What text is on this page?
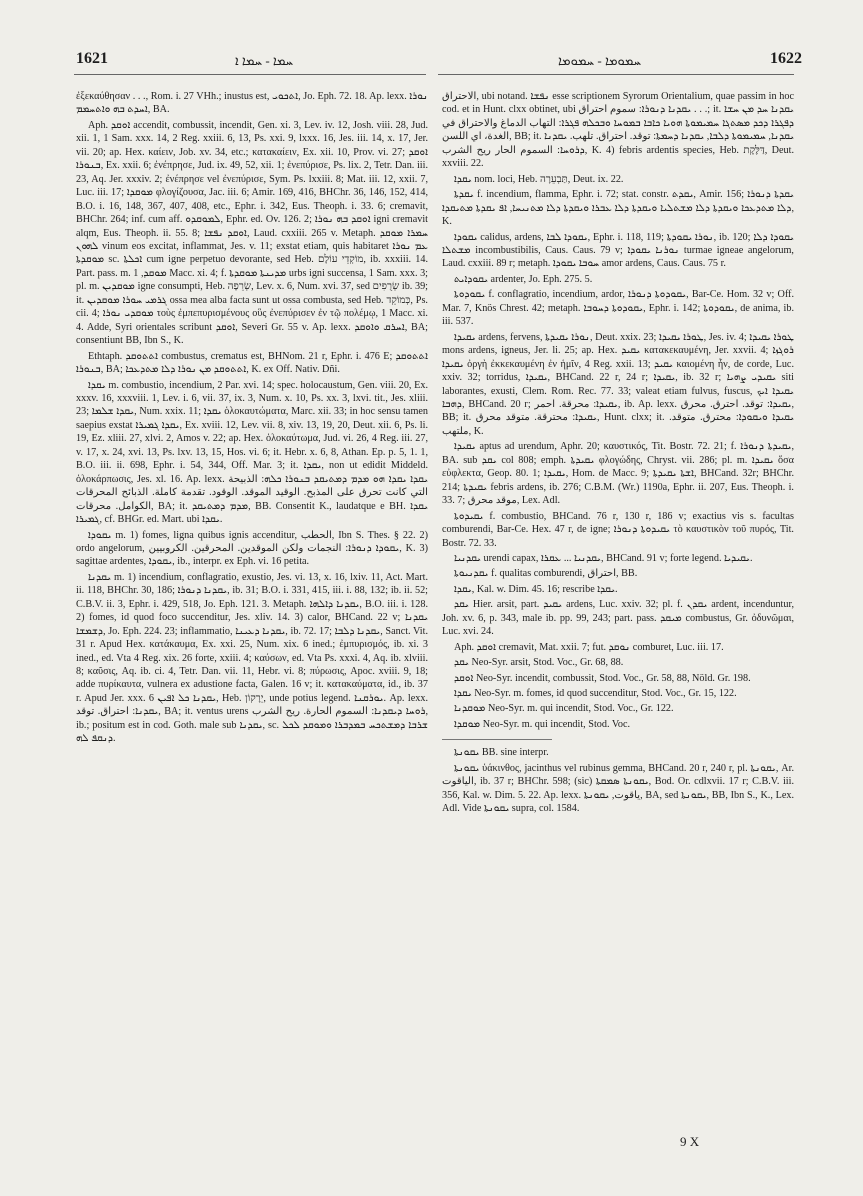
1621	ܚܡܐ - ܚܡܐ ܐ	ܚܡܘܡܐ - ܚܡܘܡܐ	1622

ἐξεκαύθησαν . . ., Rom. i. 27 VHh.; inustus est, ܐܬܟܘܝ, Jo. Eph. 72. 18. Ap. lexx. ܢܘܪܐ ܐܚܕܬ ܒܗ ܘܐܬܚܡܡ, BA.

Aph. ܐܘܩܕ accendit, combussit, incendit, Gen. xi. 3, Lev. iv. 12, Josh. viii. 28, Jud. xii. 1, 1 Sam. xxx. 14, 2 Reg. xxiii. 6, 13, Ps. xxi. 9, lxxx. 16, Jes. iii. 14, x. 17, Jer. vii. 20; ap. Hex. καίειν, Job. xv. 34, etc.; κατακαίειν, Ex. xii. 10, Prov. vi. 27; ܐܘܩܕ ܒܢܘܪܐ, Ex. xxii. 6; ἐνέπρησε, Jud. ix. 49, 52, xii. 1; ἐνεπύρισε, Ps. lix. 2, Tetr. Dan. iii. 23, Aq. Jer. xxxiv. 2; ἐνέπρησε vel ἐνεπύρισε, Sym. Ps. lxxiii. 8; Mat. iii. 12, xxii. 7, Luc. iii. 17; ܡܘܩܕܐ φλογίζουσα, Jac. iii. 6; Amir. 169, 416, BHChr. 36, 146, 152, 414, B.O. i. 16, 148, 367, 407, 408, etc., Ephr. i. 342, Eus. Theoph. i. 33. 6; cremavit, BHChr. 264; inf. cum aff. ܠܡܘܩܕܘ, Ephr. ed. Ov. 126. 2; ܐܘܩܕ ܒܗ ܢܘܪܐ igni cremavit alqm, Eus. Theoph. ii. 55. 8; ܐܘܩܕ ܢܦܫܐ, Laud. cxxiii. 265 v. Metaph. ܚܡܪܐ ܡܘܩܕ ܠܗܘܢ vinum eos excitat, inflammat, Jes. v. 11; exstat etiam, quis habitaret ܥܡ ܢܘܪܐ ܡܘܩܕܬܐ sc. ܐܟܠܬܐ cum igne perpetuo devorante, sed Heb. מוֹקְדֵי עוֹלָם, ib. xxxiii. 14. Part. pass. m. ܡܘܩܕ, 1 Macc. xi. 4; f. ܡܕܝܢܬܐ ܡܘܩܕܬܐ urbs igni succensa, 1 Sam. xxx. 3; pl. m. ܡܘܩܕܝܢ igne consumpti, Heb. שְׂרֵפָה, Lev. x. 6, Num. xvi. 37, sed שְׂרֻפִים ib. 39; it. ܓܪܡܝ ܚܘܪܐ ܡܘܩܕܝܢ ossa mea alba facta sunt ut ossa combusta, sed Heb. כְּמוֹקֵד, Ps. cii. 4; ܡܘܩܕܝ ܢܘܪܐ τοὺς ἐμπεπυρισμένους οὓς ἐνεπύρισεν ἐν τῷ πολέμῳ, 1 Macc. xi. 4. Adde, Syri orientales scribunt ܐܘܩܕ, Severi Gr. 55 v. Ap. lexx. ܐܚܪܩ ܘܐܘܩܕ, BA; consentiunt BB, Ibn S., K.

Ethtaph. ܐܬܬܘܩܕ combustus, crematus est, BHNom. 21 r, Ephr. i. 476 E; ܐܬܬܘܩܕ ܒܢܘܪܐ, BA; ܐܬܬܘܩܕ ܡܢ ܢܘܪܐ ܕܠܐ ܡܬܕܥܟܐ, K. ex Off. Nativ. Dñi.

ܝܩܕܐ m. combustio, incendium, 2 Par. xvi. 14; spec. holocaustum, Gen. viii. 20, Ex. xxxv. 16, xxxviii. 1, Lev. i. 6, vii. 37, ix. 3, Num. x. 10, Ps. xx. 3, lxvi. tit., Jes. xliii. 23; ܝܩܕܐ ܫܠܡܐ, Num. xxix. 11; ܝܩܕܐ ὁλοκαυτώματα, Marc. xii. 33; in hoc sensu tamen saepius exstat ܝܩܕܐ ܓܡܝܪܐ, Ex. xviii. 12, Lev. vii. 8, xiv. 13, 19, 20, Deut. xii. 6, Ps. li. 19, Ez. xliii. 27, xlvi. 2, Amos v. 22; ap. Hex. ὁλοκαύτωμα, Jud. vi. 26, 4 Reg. iii. 27, v. 17, x. 24, xvi. 13, Ps. lxv. 13, 15, Hos. vi. 6; it. Hebr. x. 6, 8, Athan. Ep. p. 5, 1. 1, B.O. iii. ii. 698, Ephr. i. 54, 344, Off. Mar. 3; it. ܝܩܕܐ, non ut edidit Middeld. ὁλοκάρπωσις, Jes. xl. 16. Ap. lexx. ܝܩܕܐ ܝܩܕܐ ܗܘ ܡܕܡ ܕܡܬܝܩܕ ܒܢܘܪܐ ܟܠܗ: الذبيحة التي كانت تحرق على المذبح. الوقيد الموقد. الوقود. تقدمة كاملة. الذبائح المحرقات الكوامل. محرقات, BA; it. ܡܕܡ ܕܡܬܝܩܕ, BB. Consentit K., laudatque e BH. ܝܩܕܐ ܓܡܝܪܐ, cf. BHGr. ed. Mart. ubi ܝܩܕܐ.

ܝܩܘܕܐ m. 1) fomes, ligna quibus ignis accenditur, الحطب, Ibn S. Thes. § 22. 2) ordo angelorum, ܝܩܘܕܐ ܕܢܘܪܐ: النجمات ولكن الموقدين. المحرقين. الكروبيين, K. 3) sagittae ardentes, ܝܩܘܕܐ, ib., interpr. ex Eph. vi. 16 petita.

ܝܩܕܢܐ m. 1) incendium, conflagratio, exustio, Jes. vi. 13, x. 16, lxiv. 11, Act. Mart. ii. 118, BHChr. 30, 186; ܝܩܕܢܐ ܕܢܘܪܐ, ib. 31; B.O. i. 331, 415, iii. i. 88, 132; ib. ii. 52; C.B.V. ii. 3, Ephr. i. 429, 518, Jo. Eph. 121. 3. Metaph. ܝܩܕܢܐ ܕܐܠܗܐ, B.O. iii. i. 128. 2) fomes, id quod foco succenditur, Jes. xliv. 14. 3) calor, BHCand. 22 v; ܝܩܕܢܐ ܕܫܡܫܐ, Jo. Eph. 224. 23; inflammatio, ܝܩܕܢܐ ܕܥܝܢܐ, ib. 72. 17; ܝܩܕܢܐ ܕܠܒܐ, Sanct. Vit. 31 r. Apud Hex. κατάκαυμα, Ex. xxi. 25, Num. xix. 6 ined.; ἐμπυρισμός, ib. xi. 3 ined., ed. Vta 4 Reg. xix. 26 forte, xxiii. 4; καύσων, ed. Vta Ps. xxxi. 4, Aq. ib. xlviii. 8; καῦσις, Aq. ib. ci. 4, Tetr. Dan. vii. 11, Hebr. vi. 8; πύρωσις, Apoc. xviii. 9, 18; adde πυρίκαυτα, vulnera ex adustione facta, Galen. 16 v; it. κατακαύματα, id., ib. 37 r. Apud Jer. xxx. 6 ܝܩܕܢܐ ܟܠ ܐܦܝܢ, Heb. יֵרָקוֹן, unde potius legend. ܝܘܪܩܢܐ. Ap. lexx. ܝܩܕܢܐ: احتراق. توقد, BA; it. ventus urens ܪܘܚܐ ܕܝܩܕܢܐ: السموم الحارة. ريح الشرب, ib.; positum est in cod. Goth. male sub ܝܩܕܢܐ, sc. ܫܪܒܐ ܕܡܫܬܟܚ ܒܡܕܒܪܐ ܘܡܘܩܕ ܠܟܠ ܕܢܩܦ ܠܗ.

الاحتراق, ubi notand. ܢܦܫܐ esse scriptionem Syrorum Orientalium, quae passim in hoc cod. et in Hunt. clxx obtinet, ubi ܝܩܕܢܐ ܕܢܘܪܐ: سموم احتراق . . .; it. ܝܩܕܢܐ ܚܕ ܡܢ ܚܫܐ ܕܦܓܪܐ ܕܟܕ ܡܣܬܓܐ ܚܡܝܡܘܬܐ ܗܘܝܐ ܟܐܒܐ ܒܡܘܚܐ ܘܒܟܠܗ ܦܓܪܐ: التهاب الدماغ والاحتراق في الغدة، اي اللسن, BB; it. ܝܩܕܢܐ, ܚܡܝܡܘܬܐ ܕܠܒܐ, ܝܩܕܢܐ ܕܚܡܬܐ: توقد. احتراق. تلهب. ܝܩܕܢܐ ܕܪܘܚܐ: السموم الحار ريح الشرب, K. 4) febris ardentis species, Heb. דַּלֶּקֶת, Deut. xxviii. 22.

ܝܩܕܐ nom. loci, Heb. תַּבְעֵרָה, Deut. ix. 22.

ܝܩܕܬܐ f. incendium, flamma, Ephr. i. 72; stat. constr. ܝܩܕܬ, Amir. 156; ܝܩܕܬܐ ܕܢܘܪܐ ܕܠܐ ܡܬܕܥܟܐ ܘܝܩܕܬܐ ܕܠܐ ܡܫܬܠܝܐ ܘܝܩܕܬܐ ܕܠܐ ܥܒܪܐ ܘܝܩܕܬܐ ܕܠܐ ܡܬܢܝܚܐ, ܐܦ ܝܩܕܬܐ ܡܬܝܩܕܐ, K.

ܝܩܘܕܐ calidus, ardens, ܝܩܘܕܐ ܠܒܐ, Ephr. i. 118, 119; ܢܘܪܐ ܝܩܘܕܬܐ, ib. 120; ܝܩܘܕܐ ܕܠܐ ܡܫܬܠܐ incombustibilis, Caus. Caus. 79 v; ܢܘܪܢܐ ܝܩܘܕܐ turmae igneae angelorum, Laud. cxxiii. 89 r; metaph. ܚܘܒܐ ܝܩܘܕܐ amor ardens, Caus. Caus. 75 r.

ܝܩܘܕܐܝܬ ardenter, Jo. Eph. 275. 5.

ܝܩܘܕܘܬܐ f. conflagratio, incendium, ardor, ܝܩܘܕܘܬܐ ܕܢܘܪܐ, Bar-Ce. Hom. 32 v; Off. Mar. 7, Knös Chrest. 42; metaph. ܝܩܘܕܘܬܐ ܕܚܘܒܐ, Ephr. i. 142; ܝܩܘܕܘܬܐ, de anima, ib. iii. 537.

ܝܩܝܕܐ ardens, fervens, ܢܘܪܐ ܝܩܝܕܬܐ, Deut. xxix. 23; ܛܘܪܐ ܝܩܝܕܐ, Jes. iv. 4; ܛܘܪܐ ܝܩܝܕܐ mons ardens, igneus, Jer. li. 25; ap. Hex. ܝܩܝܕ κατακεκαυμένη, Jer. xxvii. 4; ܪܘܓܙܐ ܝܩܝܕܐ ὀργὴ ἐκκεκαυμένη ἐν ἡμῖν, 4 Reg. xxii. 13; ܝܩܝܕ καιομένη ἦν, de corde, Luc. xxiv. 32; torridus, ܝܩܝܕܐ, BHCand. 22 r, 24 r; ܝܩܝܕܐ, ib. 32 r; ܝܩܝܕܝ ܨܗܝܐ siti laborantes, exusti, Clem. Rom. Rec. 77. 33; valeat etiam fulvus, fuscus, ܝܩܝܕܐ ܐܝܟ ܕܗܒܐ, BHCand. 20 r; ܝܩܝܕܐ: محرقة. احمر, ib. Ap. lexx. ܝܩܝܕܐ: توقد. احترق. محرق, BB; it. ܝܩܝܕܐ: محترقة. متوقد محرق, Hunt. clxx; it. ܝܩܝܕܐ ܘܝܩܘܕܐ: محترق. متوقد. ملتهب, K.

ܝܩܝܕܐ aptus ad urendum, Aphr. 20; καυστικός, Tit. Bostr. 72. 21; f. ܝܩܝܕܬܐ ܕܢܘܪܐ, BA. sub ܝܩܕ col 808; emph. ܝܩܝܕܬܐ φλογώδης, Chryst. vii. 286; pl. m. ܝܩܝܕܐ ὅσα εὐφλεκτα, Geop. 80. 1; ܝܩܝܕܐ, Hom. de Macc. 9; ܐܫܬܐ ܝܩܝܕܬܐ, BHCand. 32r; BHChr. 214; ܝܩܝܕܬܐ febris ardens, ib. 276; C.B.M. (Wr.) 1190a, Ephr. ii. 207, Eus. Theoph. i. 33. 7; موقد محرق, Lex. Adl.

ܝܩܝܕܘܬܐ f. combustio, BHCand. 76 r, 130 r, 186 v; exactius vis s. facultas comburendi, Bar-Ce. Hex. 47 r, de igne; ܝܩܝܕܘܬܐ ܕܢܘܪܐ τὸ καυστικὸν τοῦ πυρός, Tit. Bostr. 72. 33.

ܝܩܕܢܝܐ urendi capax, ܝܩܕܢܝܐ ... ܥܩܪܐ, BHCand. 91 v; forte legend. ܝܩܝܕܝܐ.

ܝܩܕܢܝܘܬܐ f. qualitas comburendi, احتراق, BB.

ܝܩܕܐ, Kal. w. Dim. 45. 16; rescribe ܝܩܕܐ.

ܝܩܕ Hier. arsit, part. ܝܩܝܕ ardens, Luc. xxiv. 32; pl. f. ܝܩܕܢ ardent, incenduntur, Joh. xv. 6, p. 343, male ib. pp. 99, 243; part. pass. ܡܝܩܕ combustus, Gr. ὀδυνῶμαι, Luc. xvi. 24.

Aph. ܐܘܩܕ cremavit, Mat. xxii. 7; fut. ܢܘܩܕ comburet, Luc. iii. 17.

ܝܩܕ Neo-Syr. arsit, Stod. Voc., Gr. 68, 88.

ܐܘܩܕ Neo-Syr. incendit, combussit, Stod. Voc., Gr. 58, 88, Nöld. Gr. 198.

ܝܩܕܐ Neo-Syr. m. fomes, id quod succenditur, Stod. Voc., Gr. 15, 122.

ܡܘܩܕܢܐ Neo-Syr. m. qui incendit, Stod. Voc., Gr. 122.

ܡܘܩܕܐ Neo-Syr. m. qui incendit, Stod. Voc.

ܝܩܘܢܬܐ BB. sine interpr.

ܝܩܘܢܬܐ ὑάκινθος, jacinthus vel rubinus gemma, BHCand. 20 r, 240 r, pl. ܝܩܘܢܬܐ, Ar. الياقوت, ib. 37 r; BHChr. 598; (sic) ܝܩܘܢܬܐ ܣܡܩܬܐ, Bod. Or. cdlxvii. 17 r; C.B.V. iii. 356, Kal. w. Dim. 5. 22. Ap. lexx. ياقوت, ܝܩܘܢܬܐ, BA, sed ܝܩܘܢܬܐ, BB, Ibn S., K., Lex. Adl. Vide ܝܩܘܢܬܐ supra, col. 1584.

9 X
